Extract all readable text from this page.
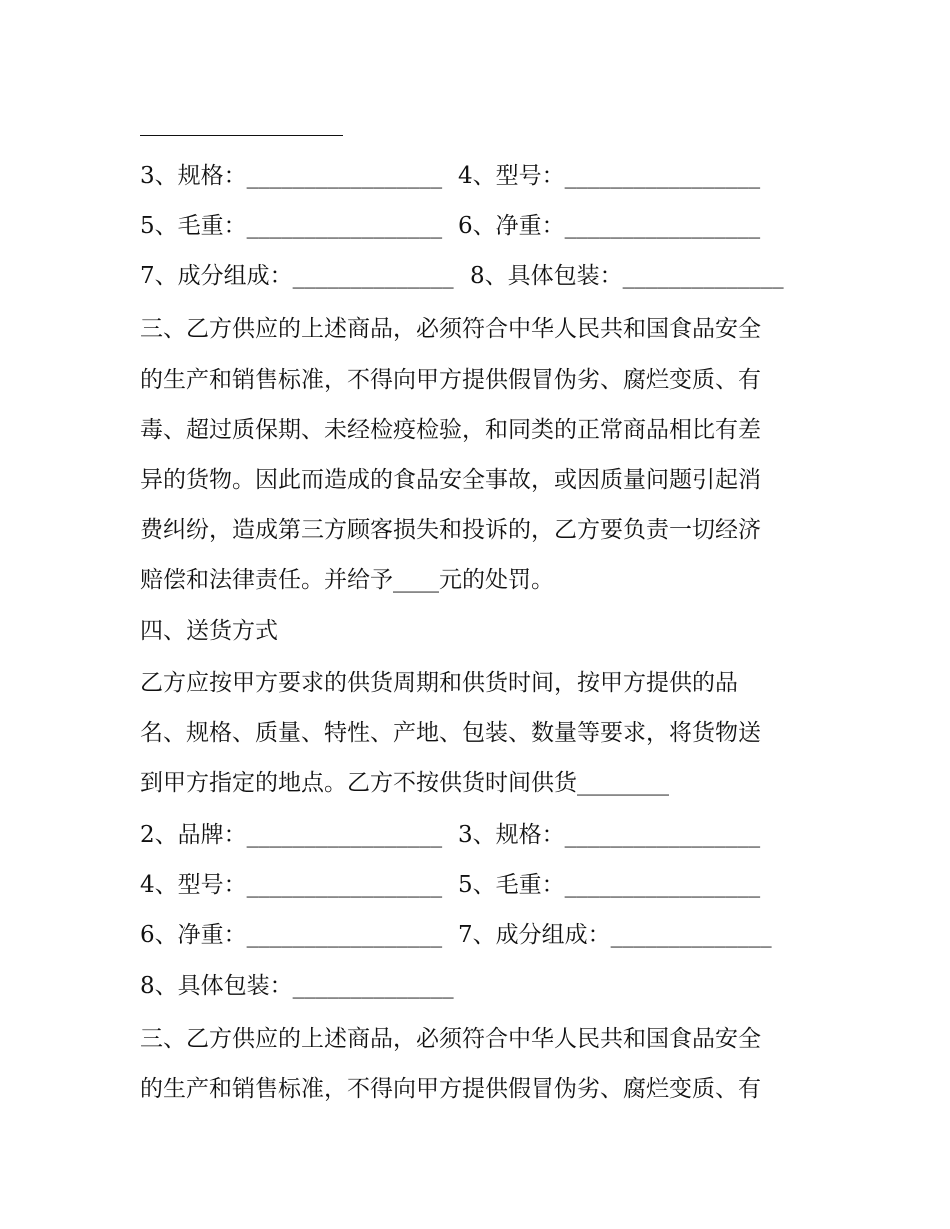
3、规格：_________________

4、型号：_________________

5、毛重：_________________

6、净重：_________________

7、成分组成：______________

8、具体包装：______________

三、乙方供应的上述商品，必须符合中华人民共和国食品安全
的生产和销售标准，不得向甲方提供假冒伪劣、腐烂变质、有
毒、超过质保期、未经检疫检验，和同类的正常商品相比有差
异的货物。因此而造成的食品安全事故，或因质量问题引起消
费纠纷，造成第三方顾客损失和投诉的，乙方要负责一切经济
赔偿和法律责任。并给予____元的处罚。
四、送货方式
乙方应按甲方要求的供货周期和供货时间，按甲方提供的品
名、规格、质量、特性、产地、包装、数量等要求，将货物送
到甲方指定的地点。乙方不按供货时间供货________

2、品牌：_________________

3、规格：_________________

4、型号：_________________

5、毛重：_________________

6、净重：_________________

7、成分组成：______________

8、具体包装：______________
三、乙方供应的上述商品，必须符合中华人民共和国食品安全
的生产和销售标准，不得向甲方提供假冒伪劣、腐烂变质、有
